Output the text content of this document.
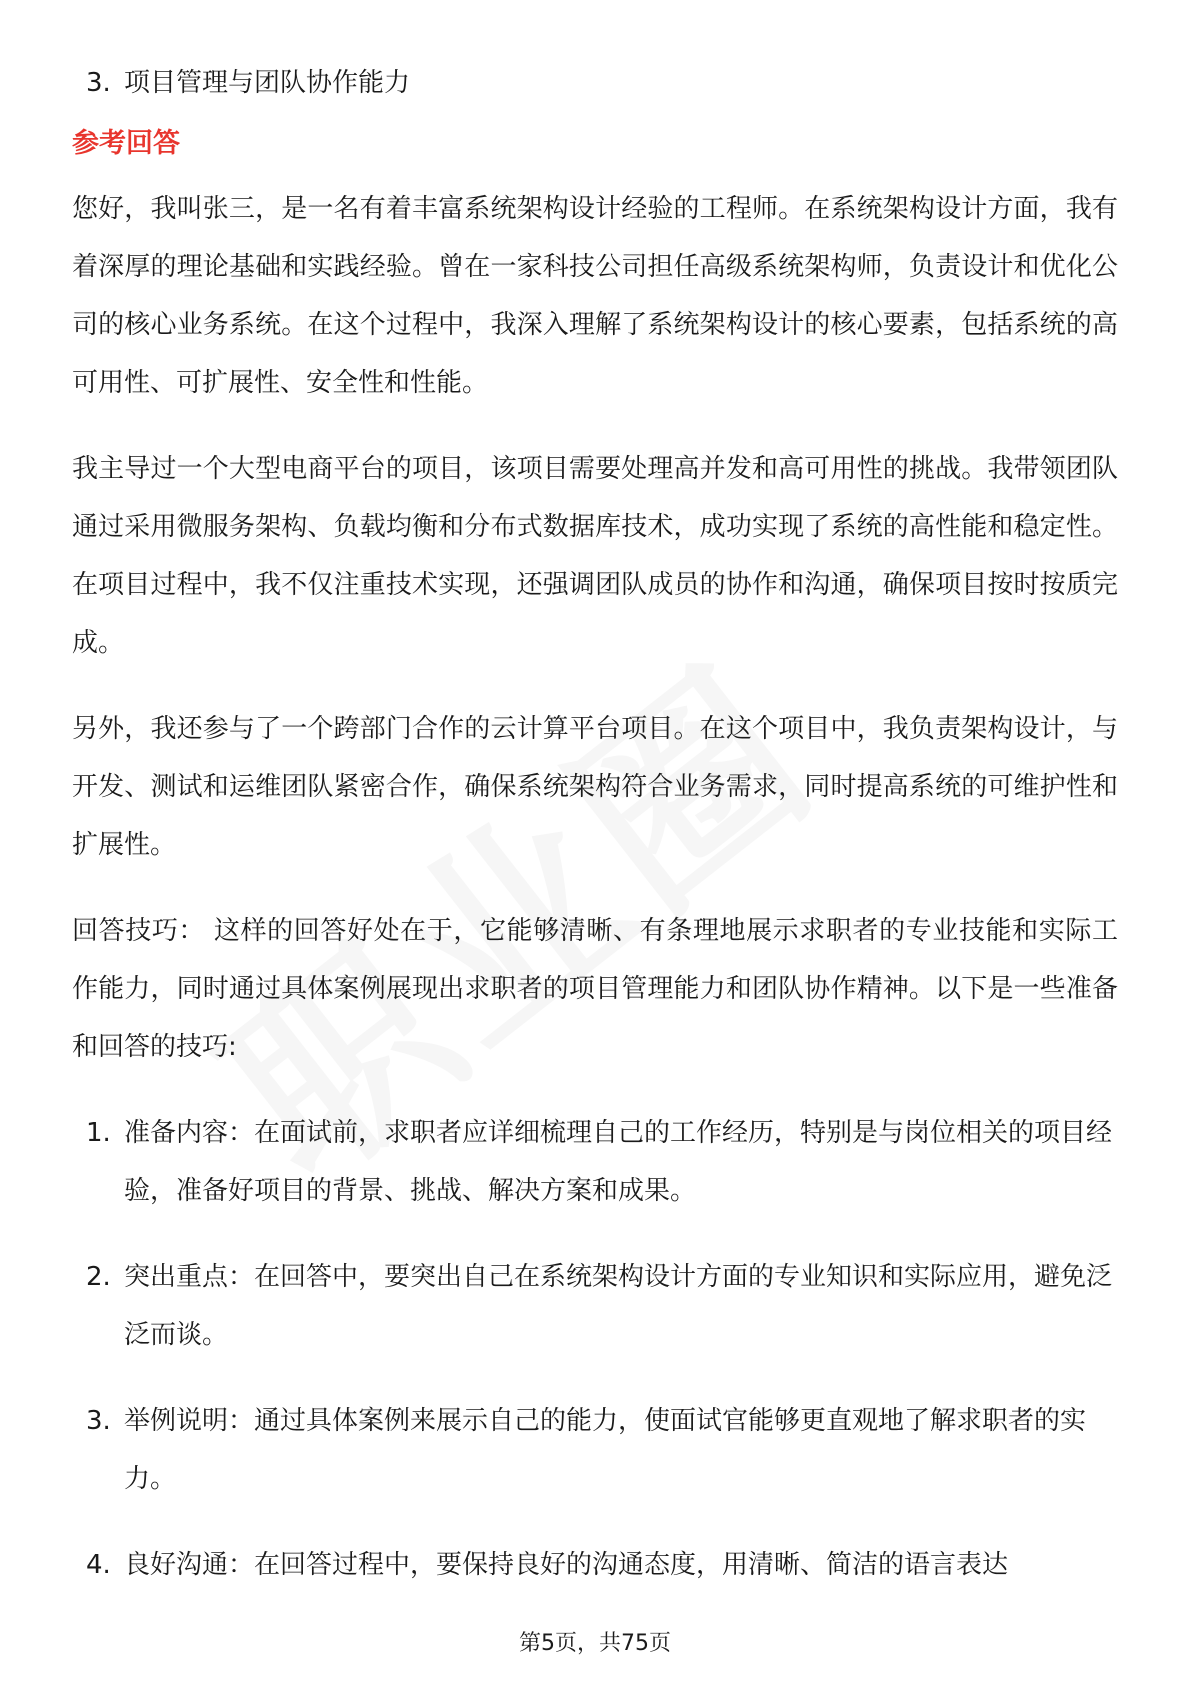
3. 项目管理与团队协作能力
参考回答

您好，我叫张三，是一名有着丰富系统架构设计经验的工程师。在系统架构设计方面，我有着深厚的理论基础和实践经验。曾在一家科技公司担任高级系统架构师，负责设计和优化公司的核心业务系统。在这个过程中，我深入理解了系统架构设计的核心要素，包括系统的高可用性、可扩展性、安全性和性能。

我主导过一个大型电商平台的项目，该项目需要处理高并发和高可用性的挑战。我带领团队通过采用微服务架构、负载均衡和分布式数据库技术，成功实现了系统的高性能和稳定性。在项目过程中，我不仅注重技术实现，还强调团队成员的协作和沟通，确保项目按时按质完成。

另外，我还参与了一个跨部门合作的云计算平台项目。在这个项目中，我负责架构设计，与开发、测试和运维团队紧密合作，确保系统架构符合业务需求，同时提高系统的可维护性和扩展性。

回答技巧： 这样的回答好处在于，它能够清晰、有条理地展示求职者的专业技能和实际工作能力，同时通过具体案例展现出求职者的项目管理能力和团队协作精神。以下是一些准备和回答的技巧:

1. 准备内容：在面试前，求职者应详细梳理自己的工作经历，特别是与岗位相关的项目经验，准备好项目的背景、挑战、解决方案和成果。
2. 突出重点：在回答中，要突出自己在系统架构设计方面的专业知识和实际应用，避免泛泛而谈。
3. 举例说明：通过具体案例来展示自己的能力，使面试官能够更直观地了解求职者的实力。
4. 良好沟通：在回答过程中，要保持良好的沟通态度，用清晰、简洁的语言表达
第5页，共75页
